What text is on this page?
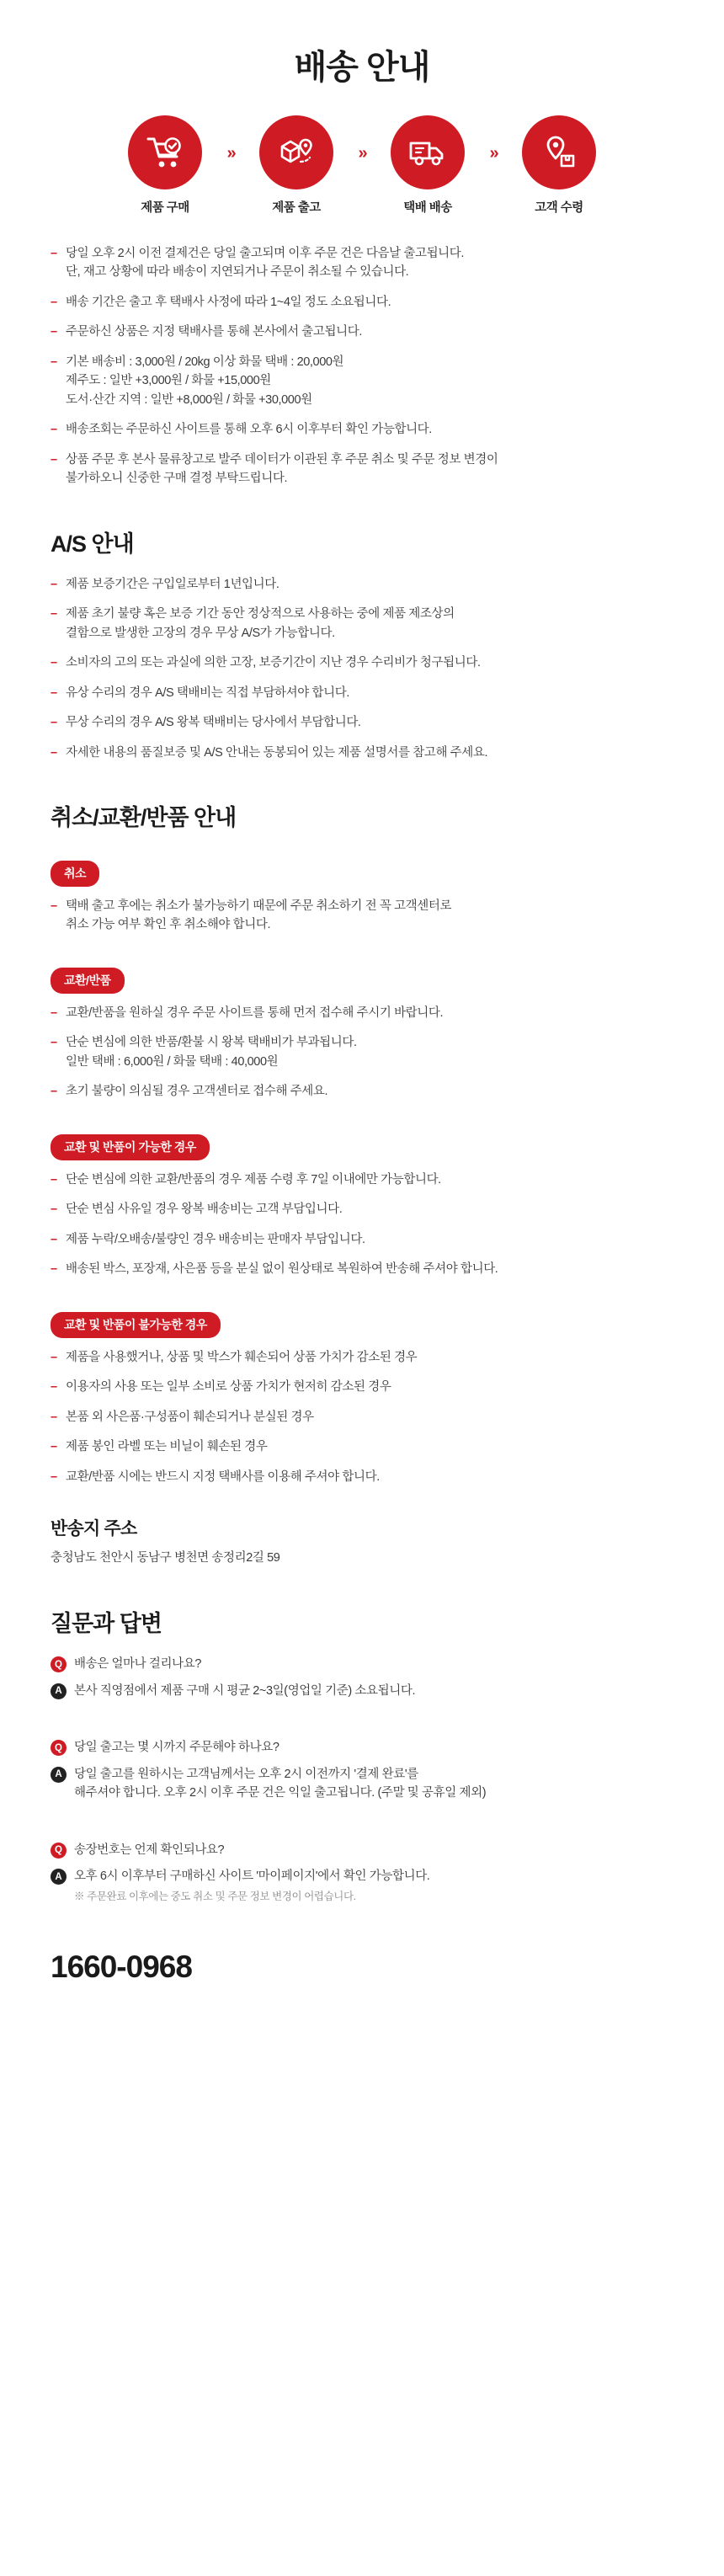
배송 안내
제품 구매
»
제품 출고
»
택배 배송
»
고객 수령
– 당일 오후 2시 이전 결제건은 당일 출고되며 이후 주문 건은 다음날 출고됩니다.
단, 재고 상황에 따라 배송이 지연되거나 주문이 취소될 수 있습니다.
– 배송 기간은 출고 후 택배사 사정에 따라 1~4일 정도 소요됩니다.
– 주문하신 상품은 지정 택배사를 통해 본사에서 출고됩니다.
– 기본 배송비 : 3,000원 / 20kg 이상 화물 택배 : 20,000원
제주도 : 일반 +3,000원 / 화물 +15,000원
도서·산간 지역 : 일반 +8,000원 / 화물 +30,000원
– 배송조회는 주문하신 사이트를 통해 오후 6시 이후부터 확인 가능합니다.
– 상품 주문 후 본사 물류창고로 발주 데이터가 이관된 후 주문 취소 및 주문 정보 변경이
불가하오니 신중한 구매 결정 부탁드립니다.
A/S 안내
– 제품 보증기간은 구입일로부터 1년입니다.
– 제품 초기 불량 혹은 보증 기간 동안 정상적으로 사용하는 중에 제품 제조상의
결함으로 발생한 고장의 경우 무상 A/S가 가능합니다.
– 소비자의 고의 또는 과실에 의한 고장, 보증기간이 지난 경우 수리비가 청구됩니다.
– 유상 수리의 경우 A/S 택배비는 직접 부담하셔야 합니다.
– 무상 수리의 경우 A/S 왕복 택배비는 당사에서 부담합니다.
– 자세한 내용의 품질보증 및 A/S 안내는 동봉되어 있는 제품 설명서를 참고해 주세요.
취소/교환/반품 안내
취소
– 택배 출고 후에는 취소가 불가능하기 때문에 주문 취소하기 전 꼭 고객센터로
취소 가능 여부 확인 후 취소해야 합니다.
교환/반품
– 교환/반품을 원하실 경우 주문 사이트를 통해 먼저 접수해 주시기 바랍니다.
– 단순 변심에 의한 반품/환불 시 왕복 택배비가 부과됩니다.
일반 택배 : 6,000원 / 화물 택배 : 40,000원
– 초기 불량이 의심될 경우 고객센터로 접수해 주세요.
교환 및 반품이 가능한 경우
– 단순 변심에 의한 교환/반품의 경우 제품 수령 후 7일 이내에만 가능합니다.
– 단순 변심 사유일 경우 왕복 배송비는 고객 부담입니다.
– 제품 누락/오배송/불량인 경우 배송비는 판매자 부담입니다.
– 배송된 박스, 포장재, 사은품 등을 분실 없이 원상태로 복원하여 반송해 주셔야 합니다.
교환 및 반품이 불가능한 경우
– 제품을 사용했거나, 상품 및 박스가 훼손되어 상품 가치가 감소된 경우
– 이용자의 사용 또는 일부 소비로 상품 가치가 현저히 감소된 경우
– 본품 외 사은품·구성품이 훼손되거나 분실된 경우
– 제품 봉인 라벨 또는 비닐이 훼손된 경우
– 교환/반품 시에는 반드시 지정 택배사를 이용해 주셔야 합니다.
반송지 주소
충청남도 천안시 동남구 병천면 송정리2길 59
질문과 답변
Q 배송은 얼마나 걸리나요?
A 본사 직영점에서 제품 구매 시 평균 2~3일(영업일 기준) 소요됩니다.
Q 당일 출고는 몇 시까지 주문해야 하나요?
A 당일 출고를 원하시는 고객님께서는 오후 2시 이전까지 '결제 완료'를
해주셔야 합니다. 오후 2시 이후 주문 건은 익일 출고됩니다. (주말 및 공휴일 제외)
Q 송장번호는 언제 확인되나요?
A 오후 6시 이후부터 구매하신 사이트 '마이페이지'에서 확인 가능합니다.
※ 주문완료 이후에는 중도 취소 및 주문 정보 변경이 어렵습니다.
1660-0968
